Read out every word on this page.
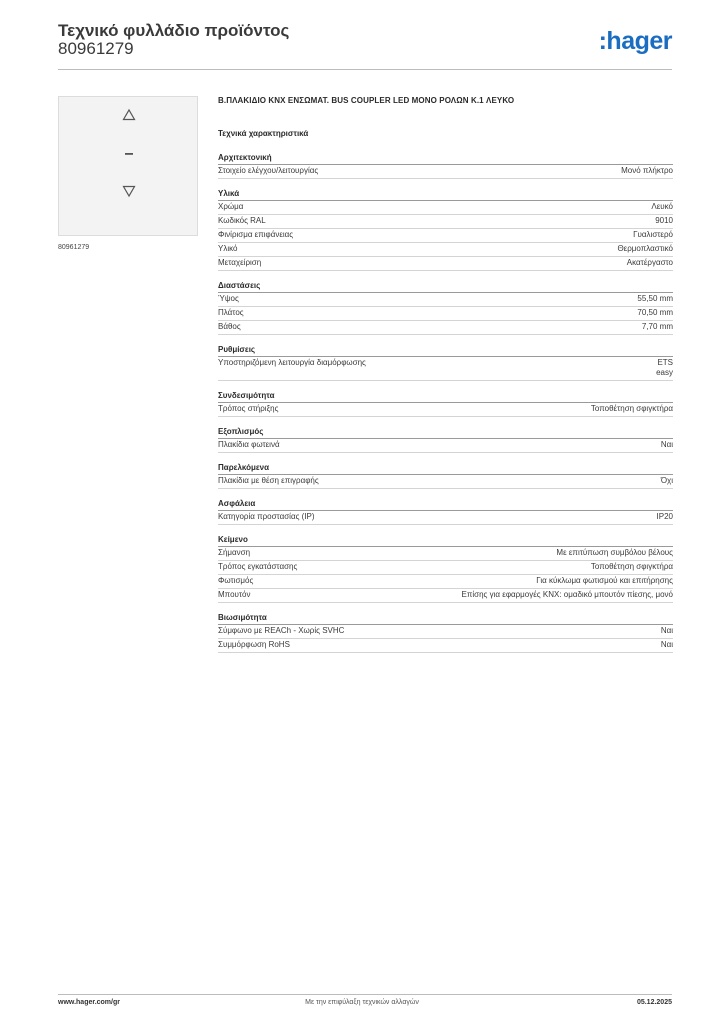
Τεχνικό φυλλάδιο προϊόντος
80961279	:hager
80961279
Β.ΠΛΑΚΙΔΙΟ KNX ΕΝΣΩΜΑΤ. BUS COUPLER LED ΜΟΝΟ ΡΟΛΩΝ K.1 ΛΕΥΚΟ
Τεχνικά χαρακτηριστικά
Αρχιτεκτονική
Στοιχείο ελέγχου/λειτουργίας	Μονό πλήκτρο
Υλικά
Χρώμα	Λευκό
Κωδικός RAL	9010
Φινίρισμα επιφάνειας	Γυαλιστερό
Υλικό	Θερμοπλαστικό
Μεταχείριση	Ακατέργαστο
Διαστάσεις
Ύψος	55,50 mm
Πλάτος	70,50 mm
Βάθος	7,70 mm
Ρυθμίσεις
Υποστηριζόμενη λειτουργία διαμόρφωσης	ETS
easy
Συνδεσιμότητα
Τρόπος στήριξης	Τοποθέτηση σφιγκτήρα
Εξοπλισμός
Πλακίδια φωτεινά	Ναι
Παρελκόμενα
Πλακίδια με θέση επιγραφής	Όχι
Ασφάλεια
Κατηγορία προστασίας (IP)	IP20
Κείμενο
Σήμανση	Με επιτύπωση συμβόλου βέλους
Τρόπος εγκατάστασης	Τοποθέτηση σφιγκτήρα
Φωτισμός	Για κύκλωμα φωτισμού και επιτήρησης
Μπουτόν	Επίσης για εφαρμογές KNX: ομαδικό μπουτόν πίεσης, μονό
Βιωσιμότητα
Σύμφωνο με REACh - Χωρίς SVHC	Ναι
Συμμόρφωση RoHS	Ναι
www.hager.com/gr	Με την επιφύλαξη τεχνικών αλλαγών	05.12.2025
